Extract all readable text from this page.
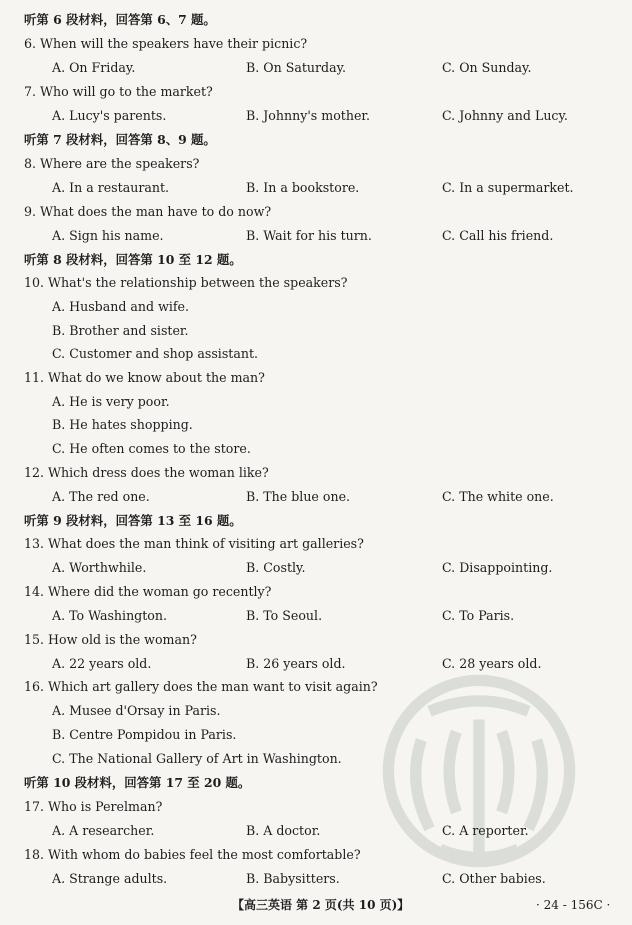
听第 6 段材料，回答第 6、7 题。
6. When will the speakers have their picnic?
A. On Friday.	B. On Saturday.	C. On Sunday.
7. Who will go to the market?
A. Lucy's parents.	B. Johnny's mother.	C. Johnny and Lucy.
听第 7 段材料，回答第 8、9 题。
8. Where are the speakers?
A. In a restaurant.	B. In a bookstore.	C. In a supermarket.
9. What does the man have to do now?
A. Sign his name.	B. Wait for his turn.	C. Call his friend.
听第 8 段材料，回答第 10 至 12 题。
10. What's the relationship between the speakers?
A. Husband and wife.
B. Brother and sister.
C. Customer and shop assistant.
11. What do we know about the man?
A. He is very poor.
B. He hates shopping.
C. He often comes to the store.
12. Which dress does the woman like?
A. The red one.	B. The blue one.	C. The white one.
听第 9 段材料，回答第 13 至 16 题。
13. What does the man think of visiting art galleries?
A. Worthwhile.	B. Costly.	C. Disappointing.
14. Where did the woman go recently?
A. To Washington.	B. To Seoul.	C. To Paris.
15. How old is the woman?
A. 22 years old.	B. 26 years old.	C. 28 years old.
16. Which art gallery does the man want to visit again?
A. Musee d'Orsay in Paris.
B. Centre Pompidou in Paris.
C. The National Gallery of Art in Washington.
听第 10 段材料，回答第 17 至 20 题。
17. Who is Perelman?
A. A researcher.	B. A doctor.	C. A reporter.
18. With whom do babies feel the most comfortable?
A. Strange adults.	B. Babysitters.	C. Other babies.
【高三英语 第 2 页(共 10 页)】	· 24 - 156C ·
